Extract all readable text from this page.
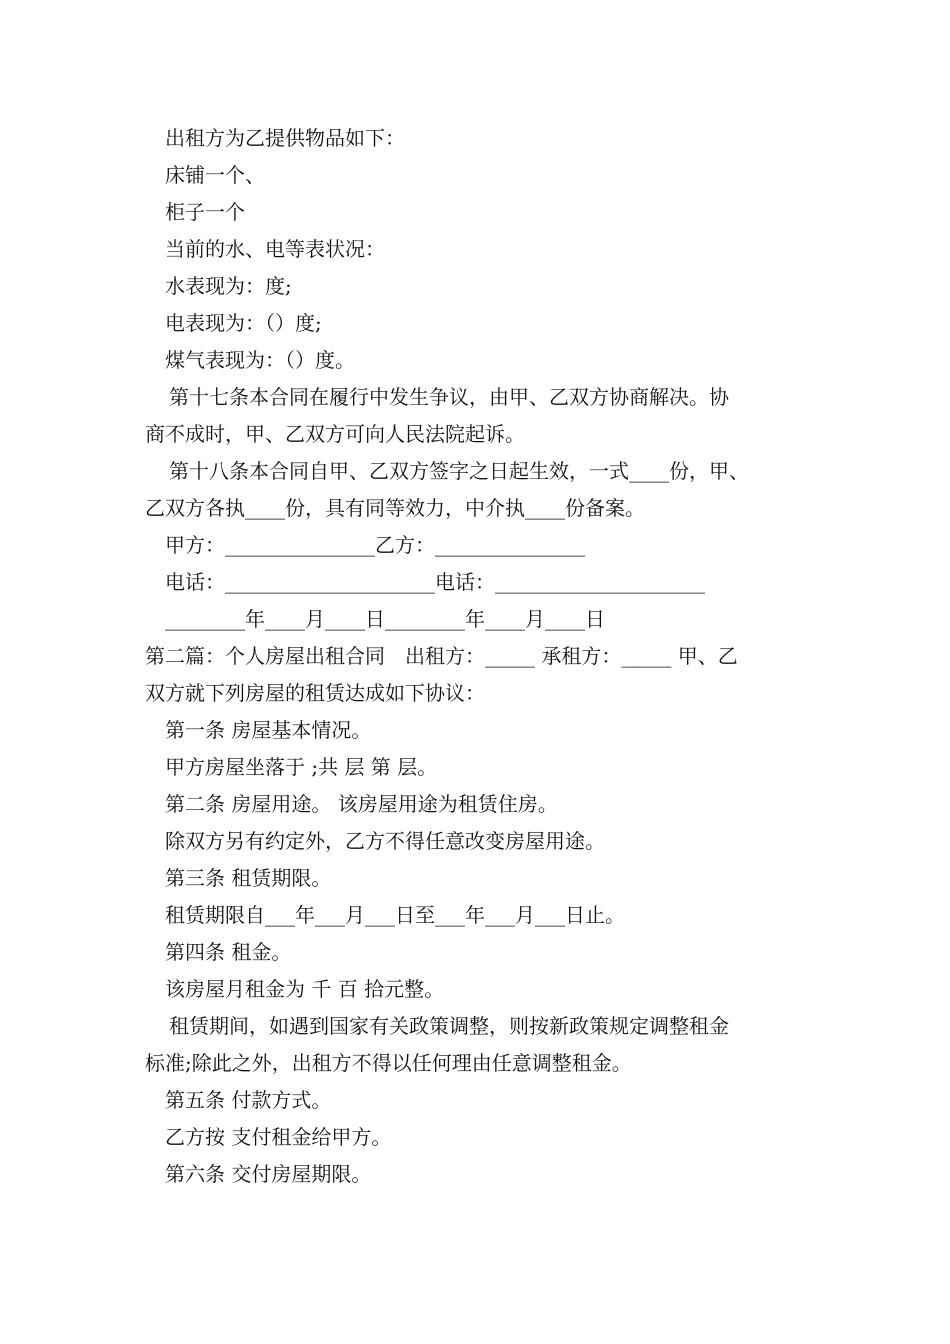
出租方为乙提供物品如下：
床铺一个、
柜子一个
当前的水、电等表状况：
水表现为：度;
电表现为：（）度;
煤气表现为：（）度。
第十七条本合同在履行中发生争议，由甲、乙双方协商解决。协
商不成时，甲、乙双方可向人民法院起诉。
第十八条本合同自甲、乙双方签字之日起生效，一式____份，甲、
乙双方各执____份，具有同等效力，中介执____份备案。
甲方：_______________乙方：_______________
电话：_____________________电话：_____________________
________年____月____日________年____月____日
第二篇：个人房屋出租合同　出租方：_____ 承租方：_____ 甲、乙
双方就下列房屋的租赁达成如下协议：
第一条 房屋基本情况。
甲方房屋坐落于 ;共 层 第 层。
第二条 房屋用途。 该房屋用途为租赁住房。
除双方另有约定外，乙方不得任意改变房屋用途。
第三条 租赁期限。
租赁期限自___年___月___日至___年___月___日止。
第四条 租金。
该房屋月租金为 千 百 拾元整。
租赁期间，如遇到国家有关政策调整，则按新政策规定调整租金
标准;除此之外，出租方不得以任何理由任意调整租金。
第五条 付款方式。
乙方按 支付租金给甲方。
第六条 交付房屋期限。
